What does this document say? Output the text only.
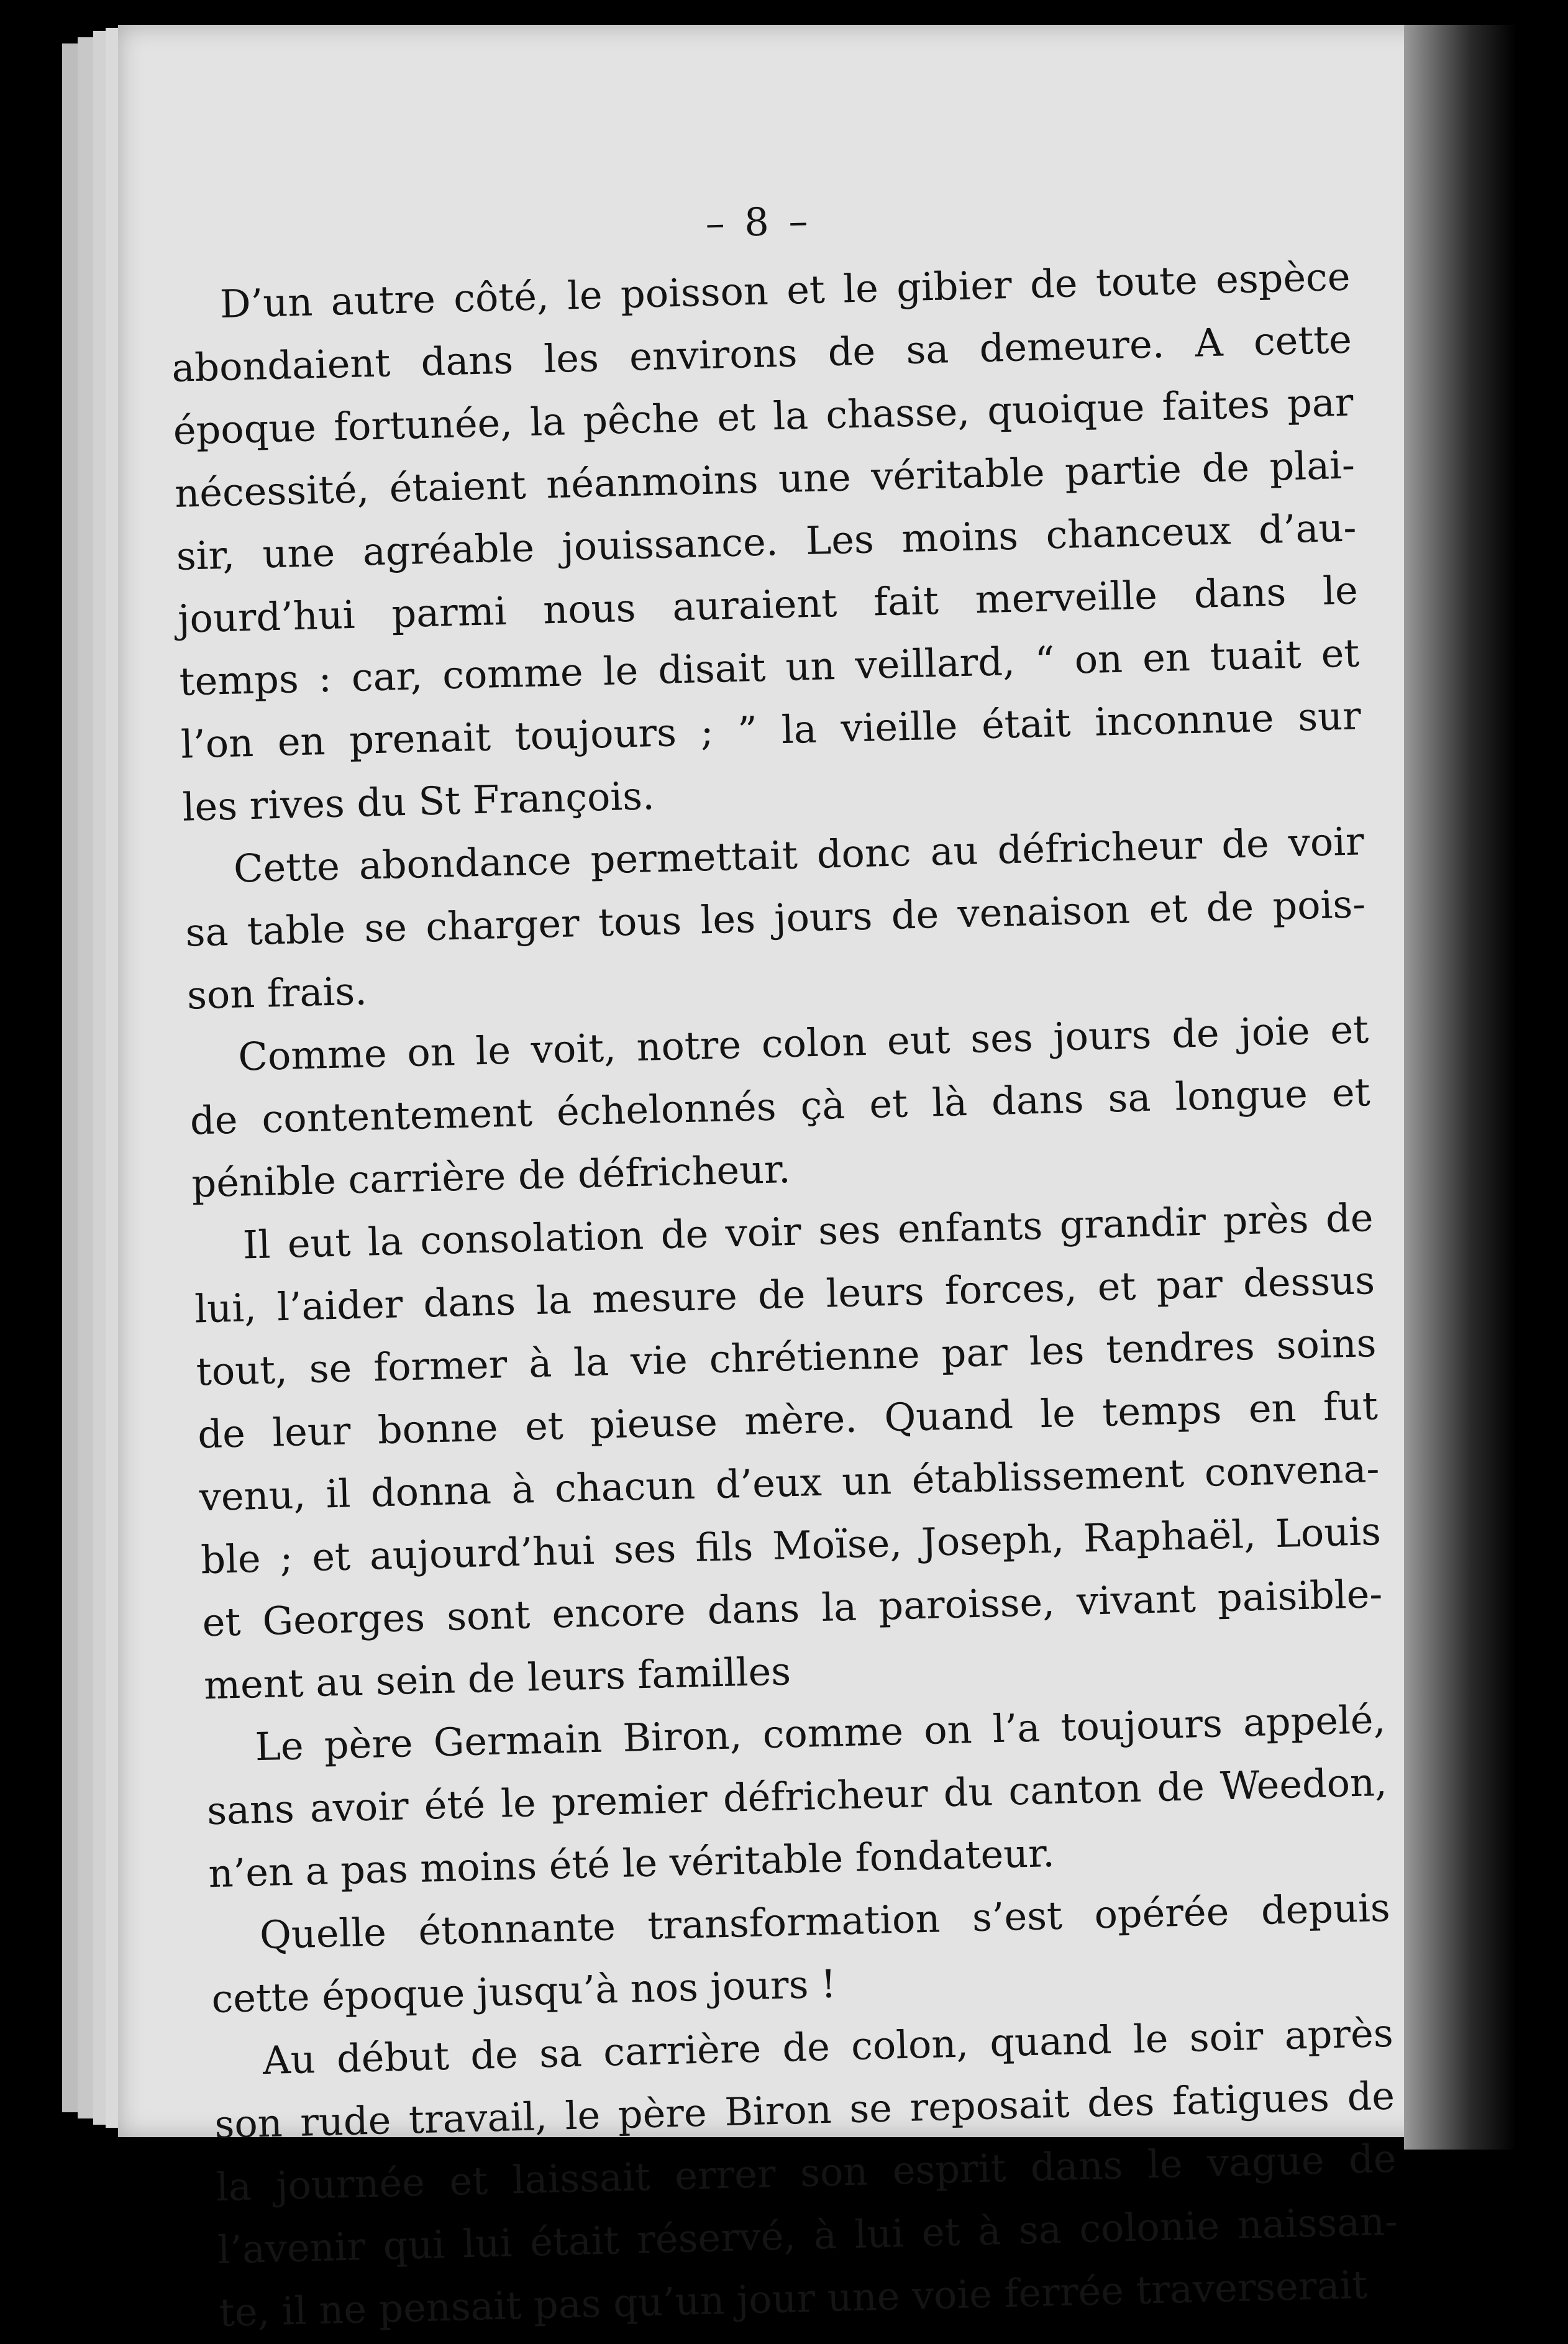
– 8 –
D’un autre côté, le poisson et le gibier de toute espèce
abondaient dans les environs de sa demeure. A cette
époque fortunée, la pêche et la chasse, quoique faites par
nécessité, étaient néanmoins une véritable partie de plai-
sir, une agréable jouissance. Les moins chanceux d’au-
jourd’hui parmi nous auraient fait merveille dans le
temps : car, comme le disait un veillard, “ on en tuait et
l’on en prenait toujours ; ” la vieille était inconnue sur
les rives du St François.
Cette abondance permettait donc au défricheur de voir
sa table se charger tous les jours de venaison et de pois-
son frais.
Comme on le voit, notre colon eut ses jours de joie et
de contentement échelonnés çà et là dans sa longue et
pénible carrière de défricheur.
Il eut la consolation de voir ses enfants grandir près de
lui, l’aider dans la mesure de leurs forces, et par dessus
tout, se former à la vie chrétienne par les tendres soins
de leur bonne et pieuse mère. Quand le temps en fut
venu, il donna à chacun d’eux un établissement convena-
ble ; et aujourd’hui ses fils Moïse, Joseph, Raphaël, Louis
et Georges sont encore dans la paroisse, vivant paisible-
ment au sein de leurs familles
Le père Germain Biron, comme on l’a toujours appelé,
sans avoir été le premier défricheur du canton de Weedon,
n’en a pas moins été le véritable fondateur.
Quelle étonnante transformation s’est opérée depuis
cette époque jusqu’à nos jours !
Au début de sa carrière de colon, quand le soir après
son rude travail, le père Biron se reposait des fatigues de
la journée et laissait errer son esprit dans le vague de
l’avenir qui lui était réservé, à lui et à sa colonie naissan-
te, il ne pensait pas qu’un jour une voie ferrée traverserait
